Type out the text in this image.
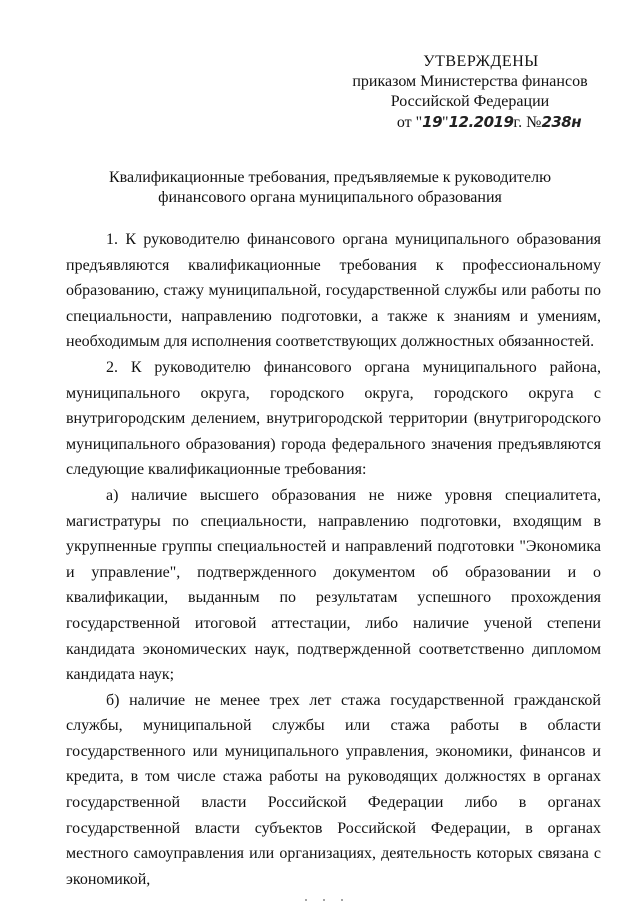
УТВЕРЖДЕНЫ
приказом Министерства финансов
Российской Федерации
от "19"12.2019г. №238н
Квалификационные требования, предъявляемые к руководителю
финансового органа муниципального образования

1. К руководителю финансового органа муниципального образования предъявляются квалификационные требования к профессиональному образованию, стажу муниципальной, государственной службы или работы по специальности, направлению подготовки, а также к знаниям и умениям, необходимым для исполнения соответствующих должностных обязанностей.

2. К руководителю финансового органа муниципального района, муниципального округа, городского округа, городского округа с внутригородским делением, внутригородской территории (внутригородского муниципального образования) города федерального значения предъявляются следующие квалификационные требования:

а) наличие высшего образования не ниже уровня специалитета, магистратуры по специальности, направлению подготовки, входящим в укрупненные группы специальностей и направлений подготовки "Экономика и управление", подтвержденного документом об образовании и о квалификации, выданным по результатам успешного прохождения государственной итоговой аттестации, либо наличие ученой степени кандидата экономических наук, подтвержденной соответственно дипломом кандидата наук;

б) наличие не менее трех лет стажа государственной гражданской службы, муниципальной службы или стажа работы в области государственного или муниципального управления, экономики, финансов и кредита, в том числе стажа работы на руководящих должностях в органах государственной власти Российской Федерации либо в органах государственной власти субъектов Российской Федерации, в органах местного самоуправления или организациях, деятельность которых связана с экономикой,
